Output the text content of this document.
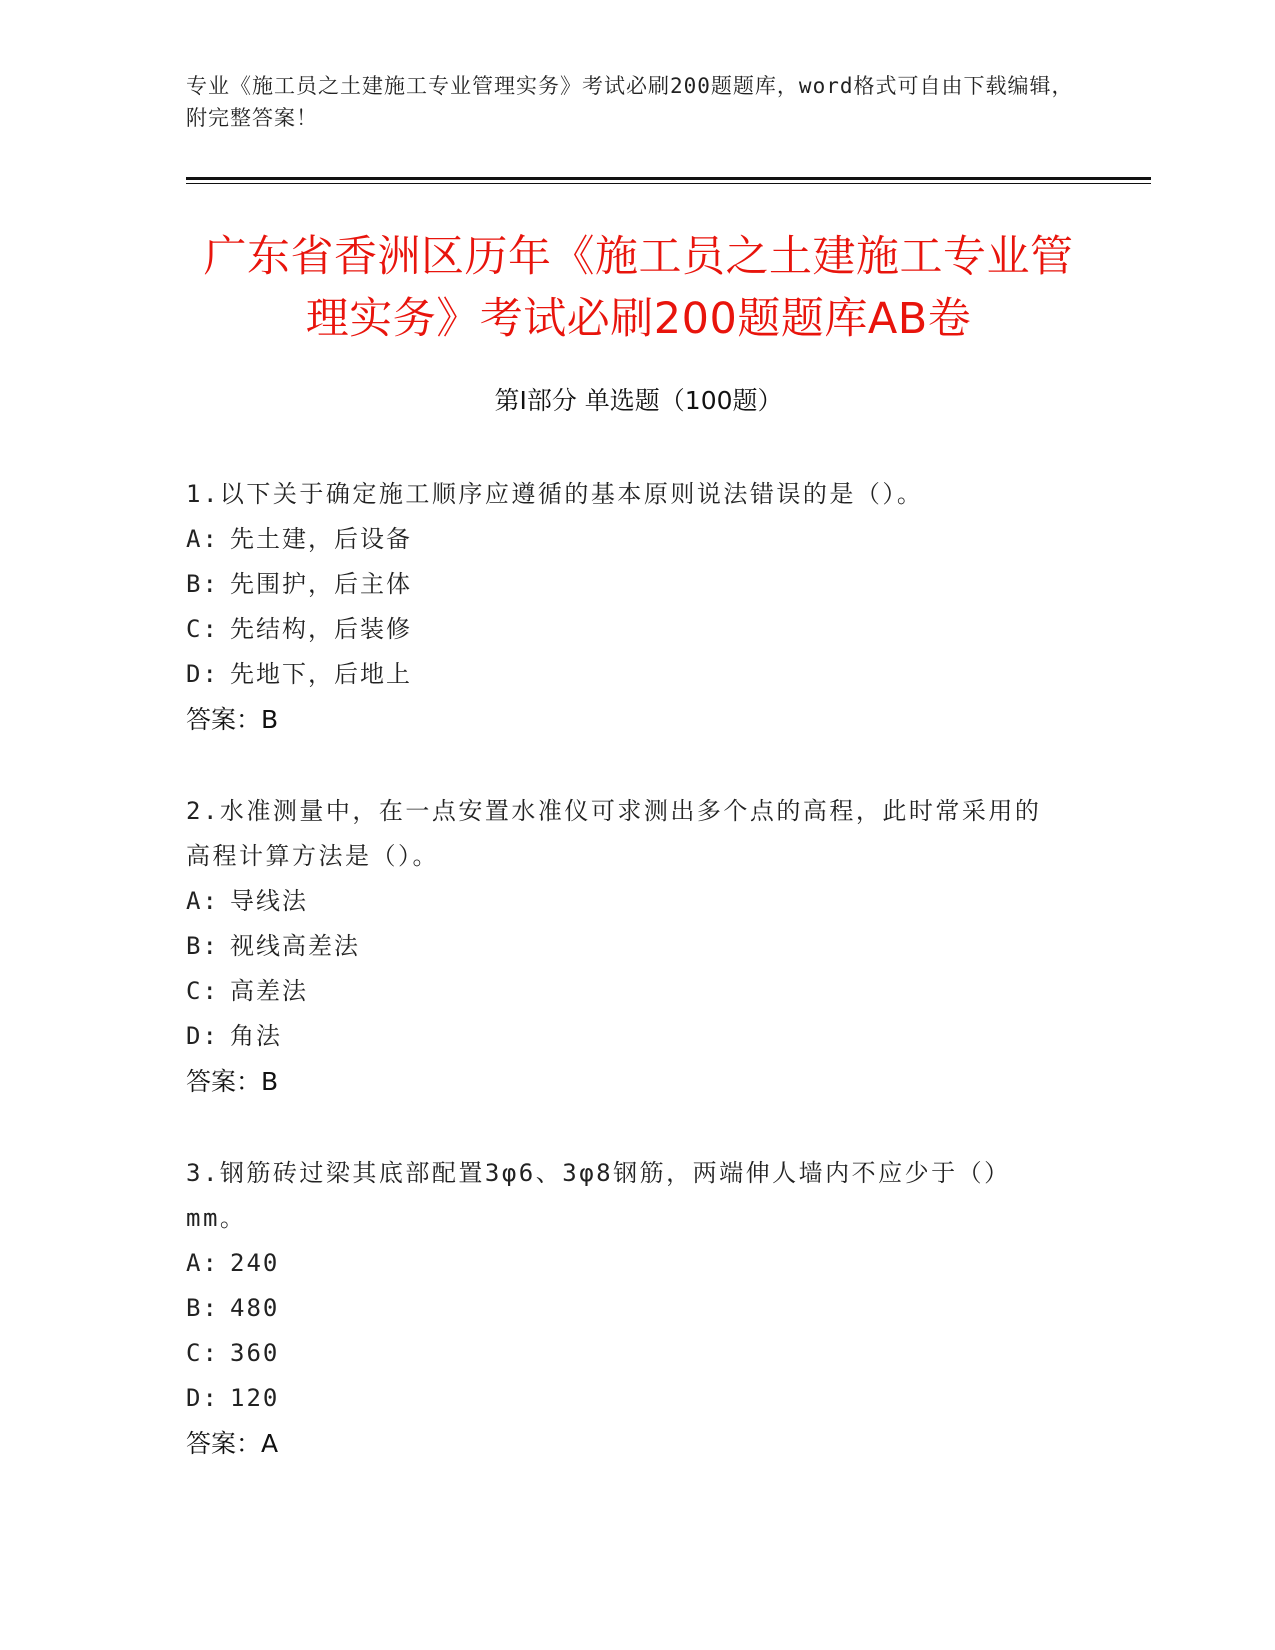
专业《施工员之土建施工专业管理实务》考试必刷200题题库，word格式可自由下载编辑，附完整答案！
广东省香洲区历年《施工员之土建施工专业管理实务》考试必刷200题题库AB卷
第I部分 单选题（100题）
1.以下关于确定施工顺序应遵循的基本原则说法错误的是（）。
A: 先土建，后设备
B: 先围护，后主体
C: 先结构，后装修
D: 先地下，后地上
答案：B
2.水准测量中，在一点安置水准仪可求测出多个点的高程，此时常采用的高程计算方法是（）。
A: 导线法
B: 视线高差法
C: 高差法
D: 角法
答案：B
3.钢筋砖过梁其底部配置3φ6、3φ8钢筋，两端伸人墙内不应少于（）mm。
A: 240
B: 480
C: 360
D: 120
答案：A
